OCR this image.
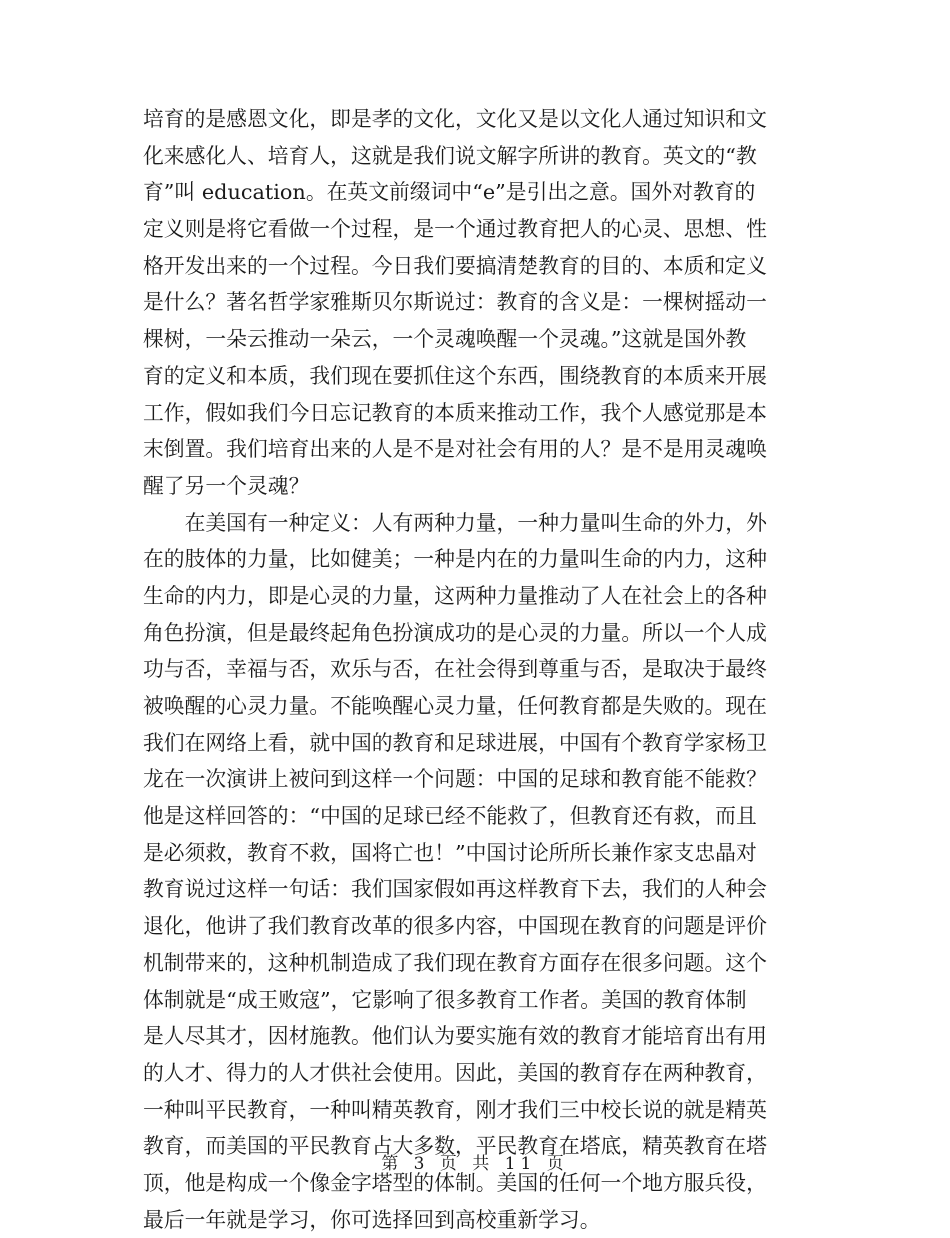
培育的是感恩文化，即是孝的文化，文化又是以文化人通过知识和文
化来感化人、培育人，这就是我们说文解字所讲的教育。英文的“教
育”叫 education。在英文前缀词中“e”是引出之意。国外对教育的
定义则是将它看做一个过程，是一个通过教育把人的心灵、思想、性
格开发出来的一个过程。今日我们要搞清楚教育的目的、本质和定义
是什么？著名哲学家雅斯贝尔斯说过：教育的含义是：一棵树摇动一
棵树，一朵云推动一朵云，一个灵魂唤醒一个灵魂。”这就是国外教
育的定义和本质，我们现在要抓住这个东西，围绕教育的本质来开展
工作，假如我们今日忘记教育的本质来推动工作，我个人感觉那是本
末倒置。我们培育出来的人是不是对社会有用的人？是不是用灵魂唤
醒了另一个灵魂？
　　在美国有一种定义：人有两种力量，一种力量叫生命的外力，外
在的肢体的力量，比如健美；一种是内在的力量叫生命的内力，这种
生命的内力，即是心灵的力量，这两种力量推动了人在社会上的各种
角色扮演，但是最终起角色扮演成功的是心灵的力量。所以一个人成
功与否，幸福与否，欢乐与否，在社会得到尊重与否，是取决于最终
被唤醒的心灵力量。不能唤醒心灵力量，任何教育都是失败的。现在
我们在网络上看，就中国的教育和足球进展，中国有个教育学家杨卫
龙在一次演讲上被问到这样一个问题：中国的足球和教育能不能救？
他是这样回答的：“中国的足球已经不能救了，但教育还有救，而且
是必须救，教育不救，国将亡也！”中国讨论所所长兼作家支忠晶对
教育说过这样一句话：我们国家假如再这样教育下去，我们的人种会
退化，他讲了我们教育改革的很多内容，中国现在教育的问题是评价
机制带来的，这种机制造成了我们现在教育方面存在很多问题。这个
体制就是“成王败寇”，它影响了很多教育工作者。美国的教育体制
是人尽其才，因材施教。他们认为要实施有效的教育才能培育出有用
的人才、得力的人才供社会使用。因此，美国的教育存在两种教育，
一种叫平民教育，一种叫精英教育，刚才我们三中校长说的就是精英
教育，而美国的平民教育占大多数，平民教育在塔底，精英教育在塔
顶，他是构成一个像金字塔型的体制。美国的任何一个地方服兵役，
最后一年就是学习，你可选择回到高校重新学习。
第 3 页 共 11 页
